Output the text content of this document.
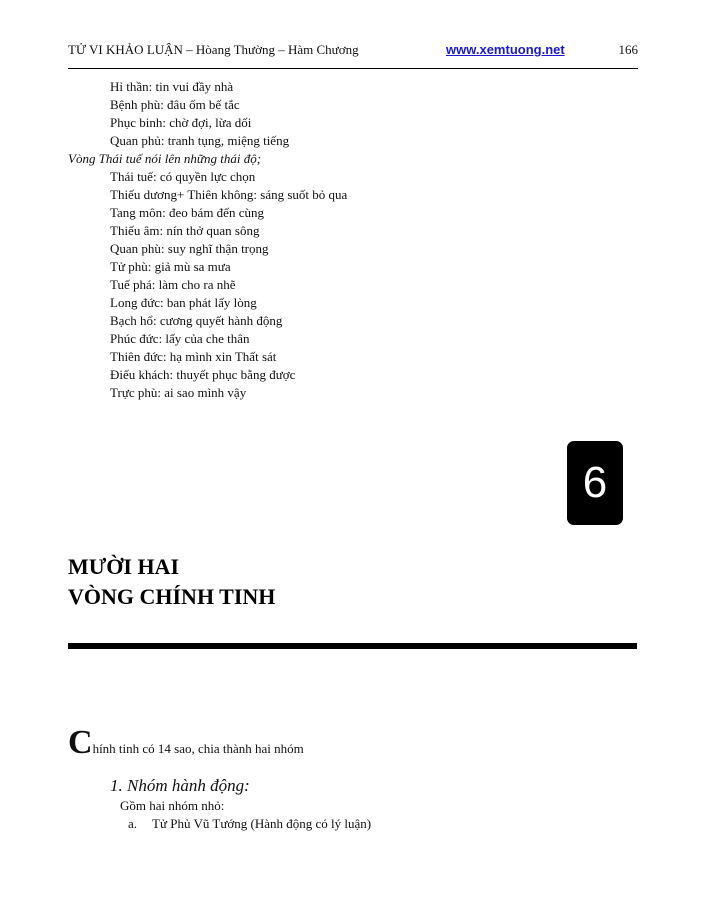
TỬ VI KHẢO LUẬN – Hòang Thường – Hàm Chương	www.xemtuong.net	166
Hỉ thần: tin vui đầy nhà
Bệnh phù: đâu ốm bế tắc
Phục binh: chờ đợi, lừa dối
Quan phủ: tranh tụng, miệng tiếng
Vòng Thái tuế nói lên những thái độ;
Thái tuế: có quyền lực chọn
Thiếu dương+ Thiên không: sáng suốt bỏ qua
Tang môn: đeo bám đến cùng
Thiếu âm: nín thở quan sông
Quan phù: suy nghĩ thận trọng
Tử phù: giả mù sa mưa
Tuế phá: làm cho ra nhẽ
Long đức: ban phát lấy lòng
Bạch hổ: cương quyết hành động
Phúc đức: lấy của che thân
Thiên đức: hạ mình xin Thất sát
Điếu khách: thuyết phục bằng được
Trực phù: ai sao mình vậy
6
MƯỜI HAI
VÒNG CHÍNH TINH
Chính tinh có 14 sao, chia thành hai nhóm
1. Nhóm hành động:
Gồm hai nhóm nhỏ:
a. Tử Phủ Vũ Tướng (Hành động có lý luận)
